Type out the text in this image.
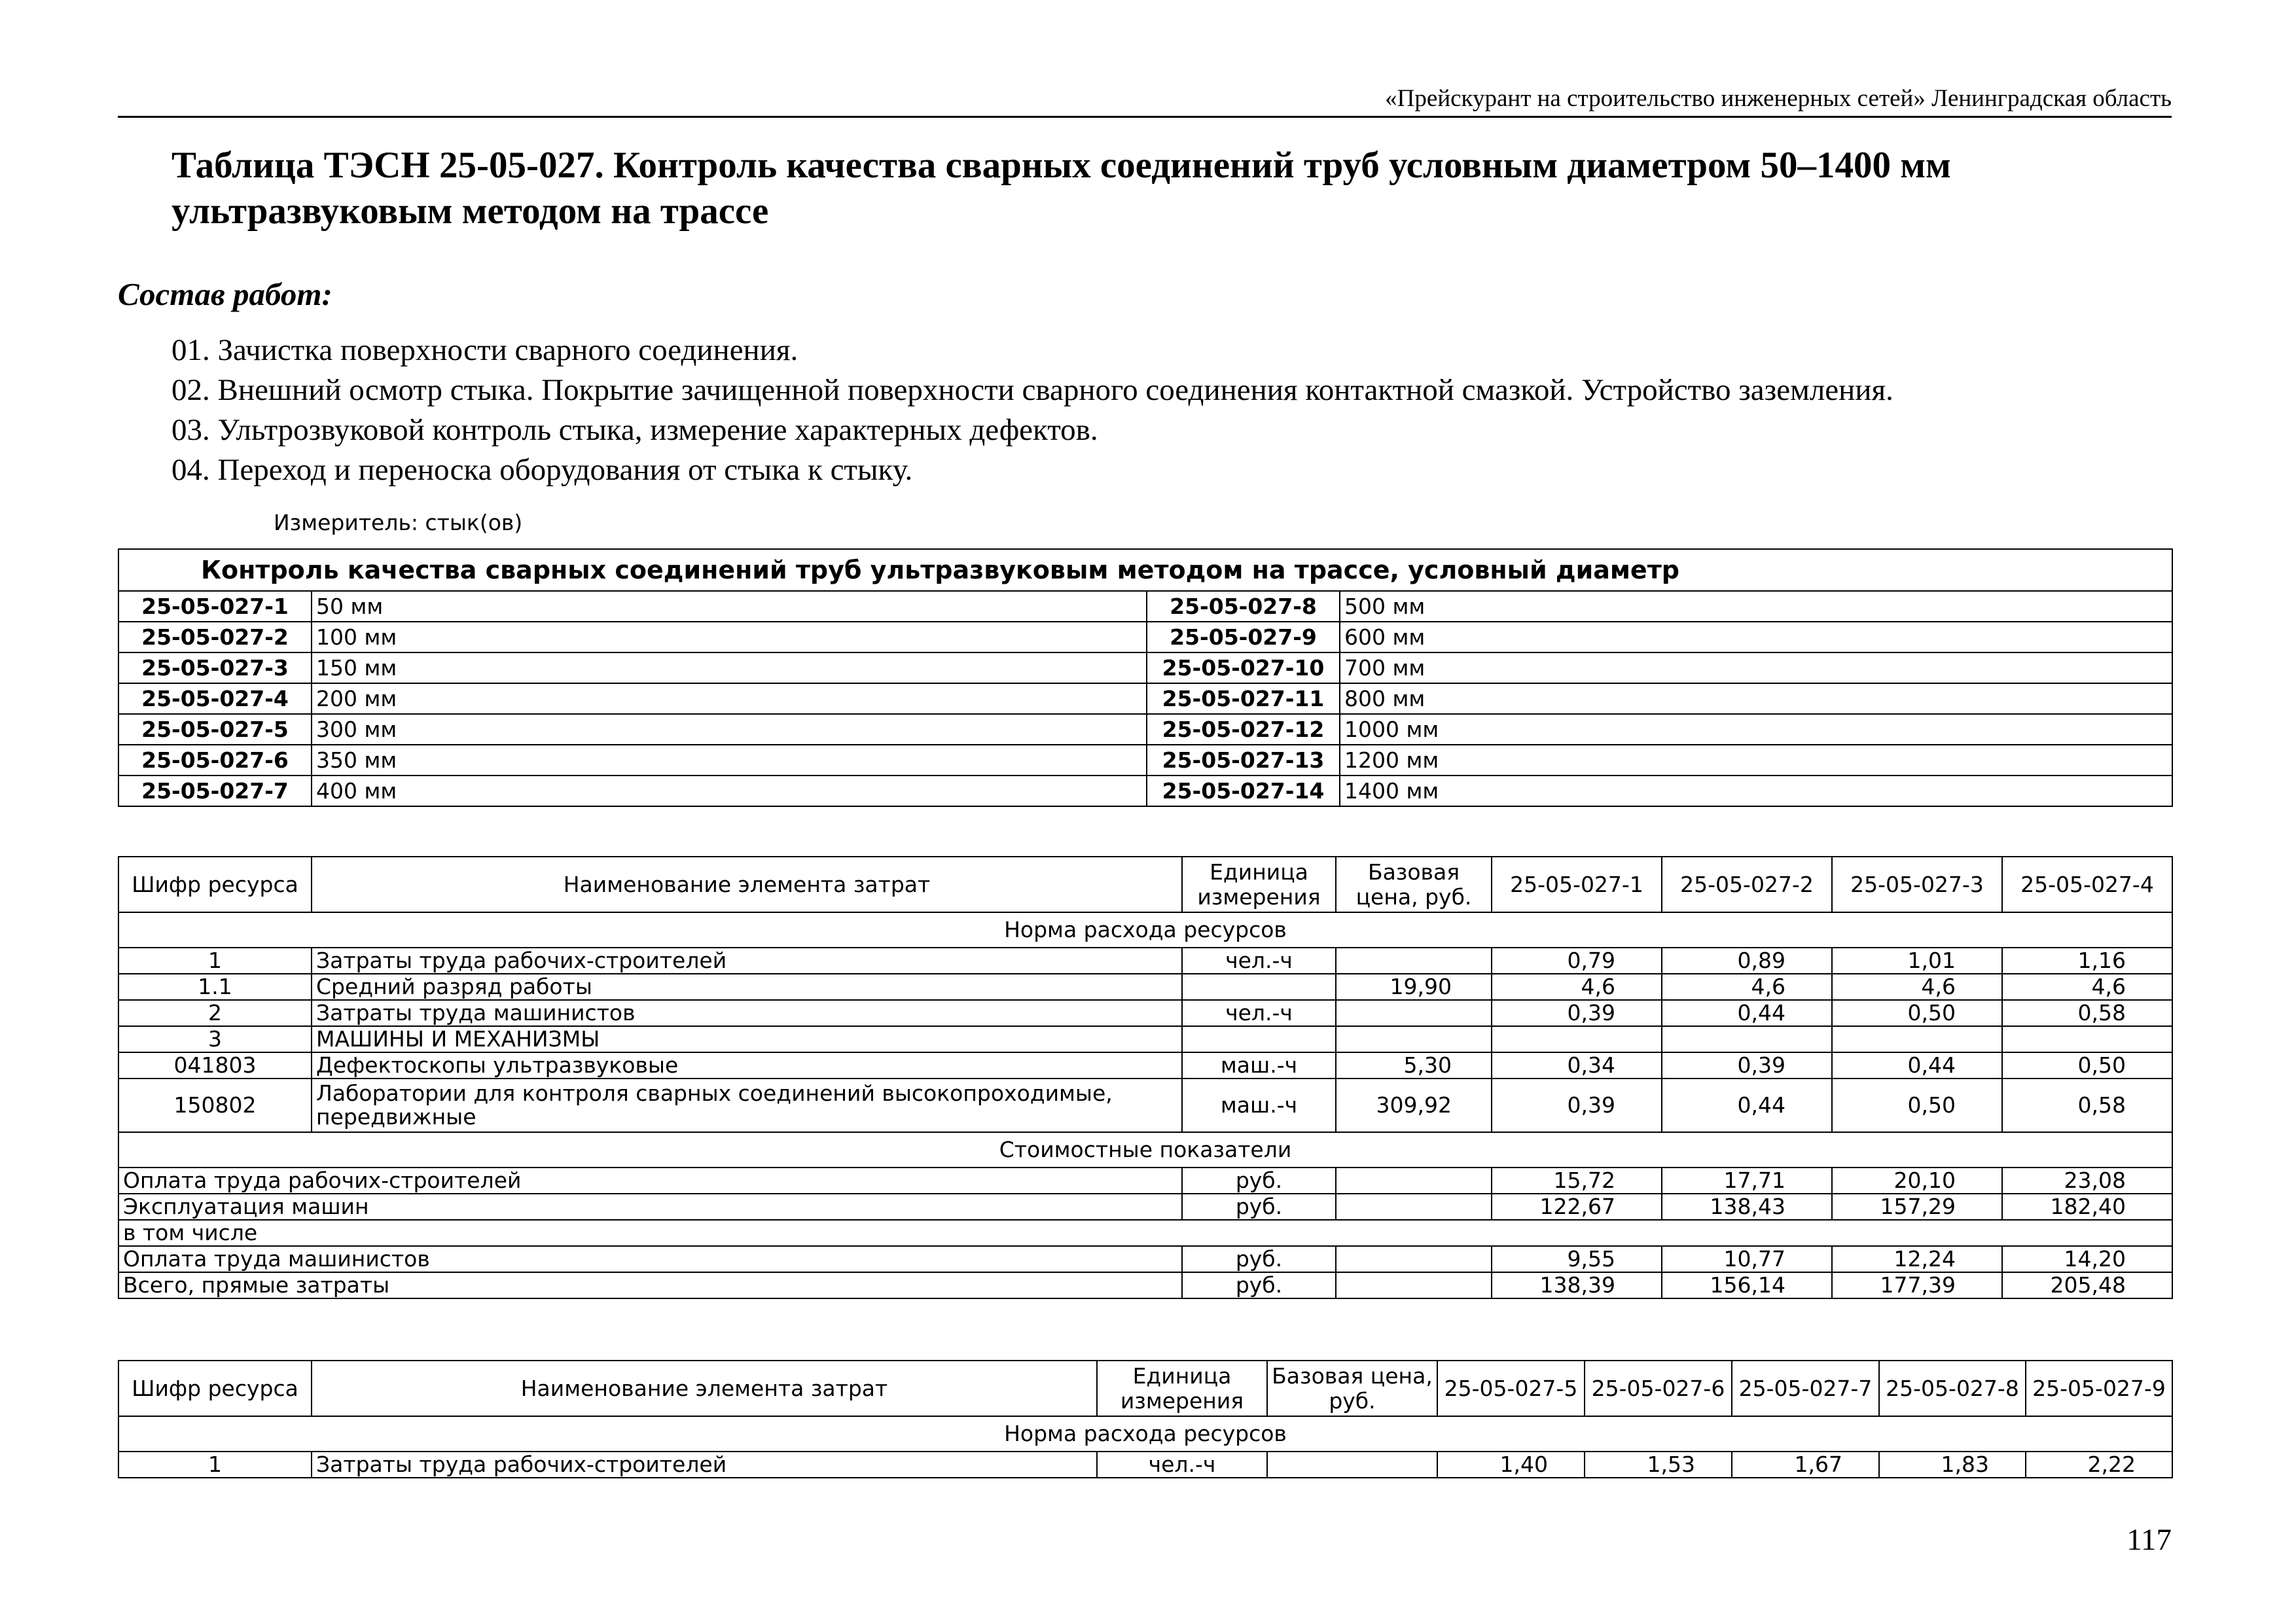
«Прейскурант на строительство инженерных сетей» Ленинградская область
Таблица ТЭСН 25-05-027. Контроль качества сварных соединений труб условным диаметром 50–1400 мм ультразвуковым методом на трассе
Состав работ:
01. Зачистка поверхности сварного соединения.
02. Внешний осмотр стыка. Покрытие зачищенной поверхности сварного соединения контактной смазкой. Устройство заземления.
03. Ультрозвуковой контроль стыка, измерение характерных дефектов.
04. Переход и переноска оборудования от стыка к стыку.
Измеритель: стык(ов)
Контроль качества сварных соединений труб ультразвуковым методом на трассе, условный диаметр			
25-05-027-1	50 мм	25-05-027-8	500 мм
25-05-027-2	100 мм	25-05-027-9	600 мм
25-05-027-3	150 мм	25-05-027-10	700 мм
25-05-027-4	200 мм	25-05-027-11	800 мм
25-05-027-5	300 мм	25-05-027-12	1000 мм
25-05-027-6	350 мм	25-05-027-13	1200 мм
25-05-027-7	400 мм	25-05-027-14	1400 мм
Шифр ресурса	Наименование элемента затрат	Единица измерения	Базовая цена, руб.	25-05-027-1	25-05-027-2	25-05-027-3	25-05-027-4
Норма расхода ресурсов							
1	Затраты труда рабочих-строителей	чел.-ч		0,79	0,89	1,01	1,16
1.1	Средний разряд работы		19,90	4,6	4,6	4,6	4,6
2	Затраты труда машинистов	чел.-ч		0,39	0,44	0,50	0,58
3	МАШИНЫ И МЕХАНИЗМЫ						
041803	Дефектоскопы ультразвуковые	маш.-ч	5,30	0,34	0,39	0,44	0,50
150802	Лаборатории для контроля сварных соединений высокопроходимые, передвижные	маш.-ч	309,92	0,39	0,44	0,50	0,58
Стоимостные показатели							
Оплата труда рабочих-строителей		руб.		15,72	17,71	20,10	23,08
Эксплуатация машин		руб.		122,67	138,43	157,29	182,40
в том числе							
Оплата труда машинистов		руб.		9,55	10,77	12,24	14,20
Всего, прямые затраты		руб.		138,39	156,14	177,39	205,48
Шифр ресурса	Наименование элемента затрат	Единица измерения	Базовая цена, руб.	25-05-027-5	25-05-027-6	25-05-027-7	25-05-027-8	25-05-027-9
Норма расхода ресурсов								
1	Затраты труда рабочих-строителей	чел.-ч		1,40	1,53	1,67	1,83	2,22
117
